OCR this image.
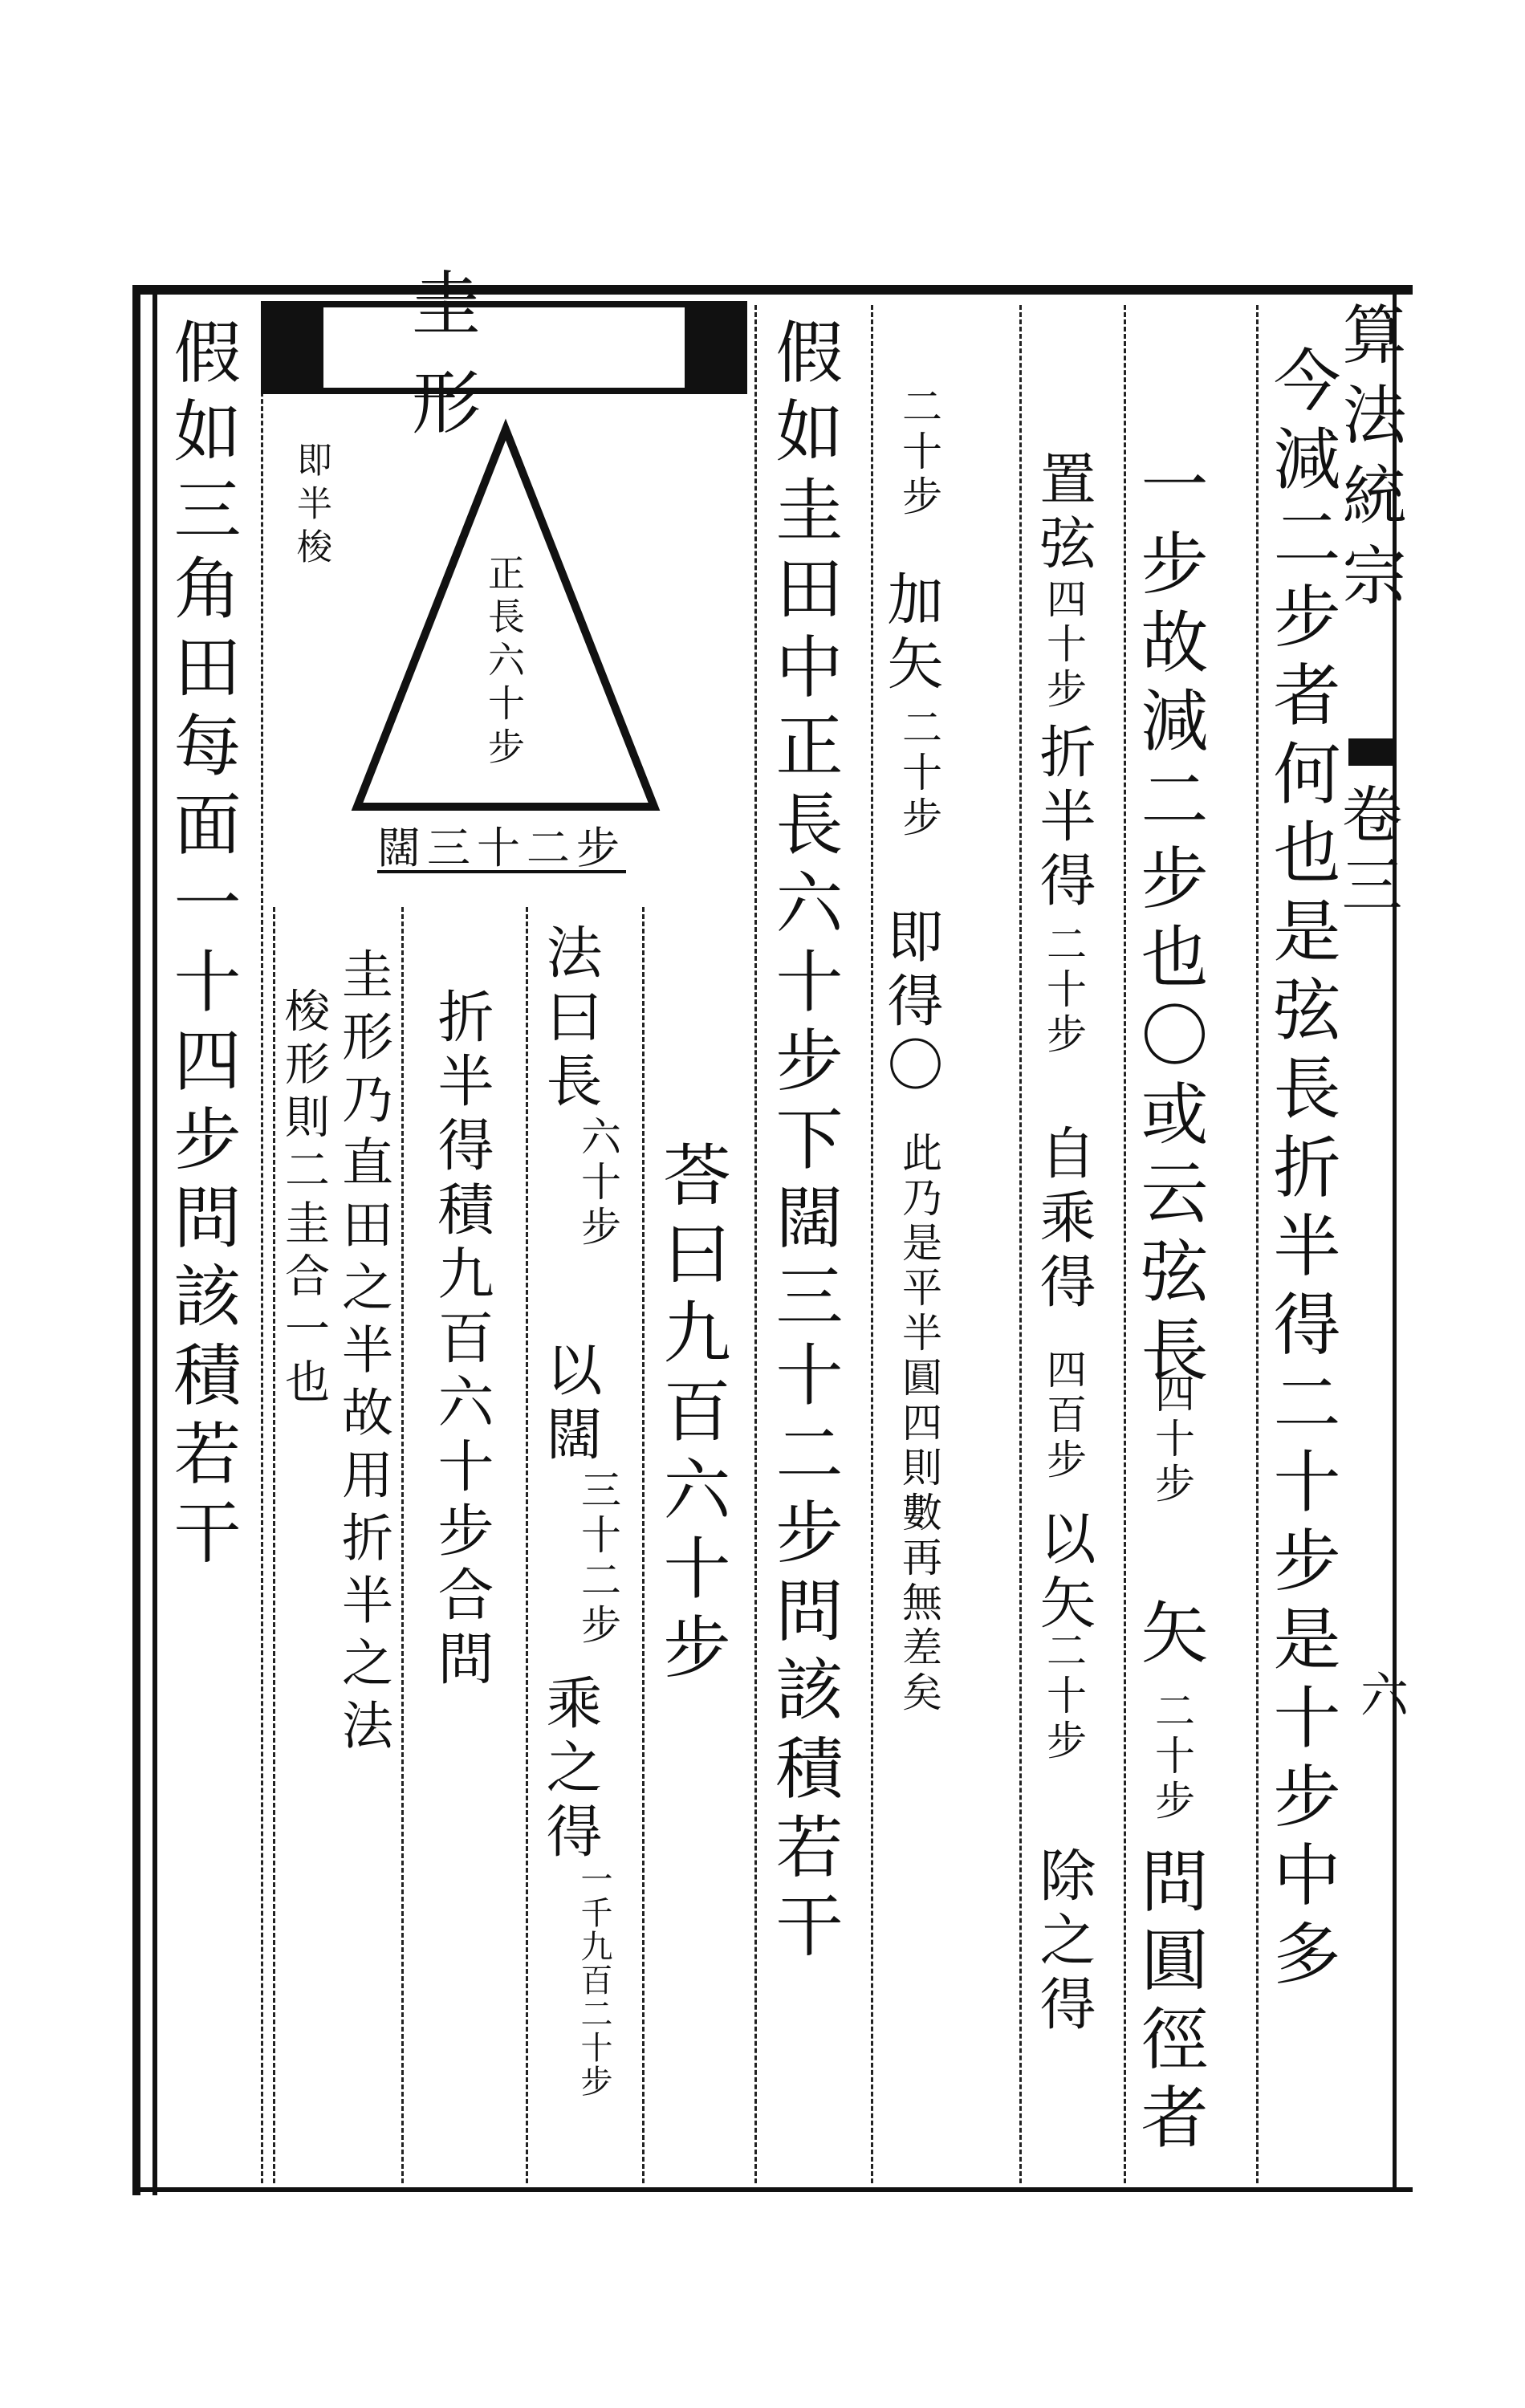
算法統宗
卷三
六
今減二步者何也是弦長折半得二十步是十步中多
一步故減二步也〇或云弦長
四十步
矢
二十步
問圓徑者
置弦
四十步
折半得
二十步
自乘得
四百步
以矢
二十步
除之得
二十步
加矢
二十步
即得〇
此乃是平半圓四則數再無差矣
假如圭田中正長六十步下闊三十二步問該積若干
圭形
即半梭
正長六十步
闊三十二步
荅曰九百六十步
法曰長
六十步
以闊
三十二步
乘之得
一千九百二十步
折半得積九百六十步合問
圭形乃直田之半故用折半之法
梭形則二圭合一也
假如三角田每面一十四步問該積若干
